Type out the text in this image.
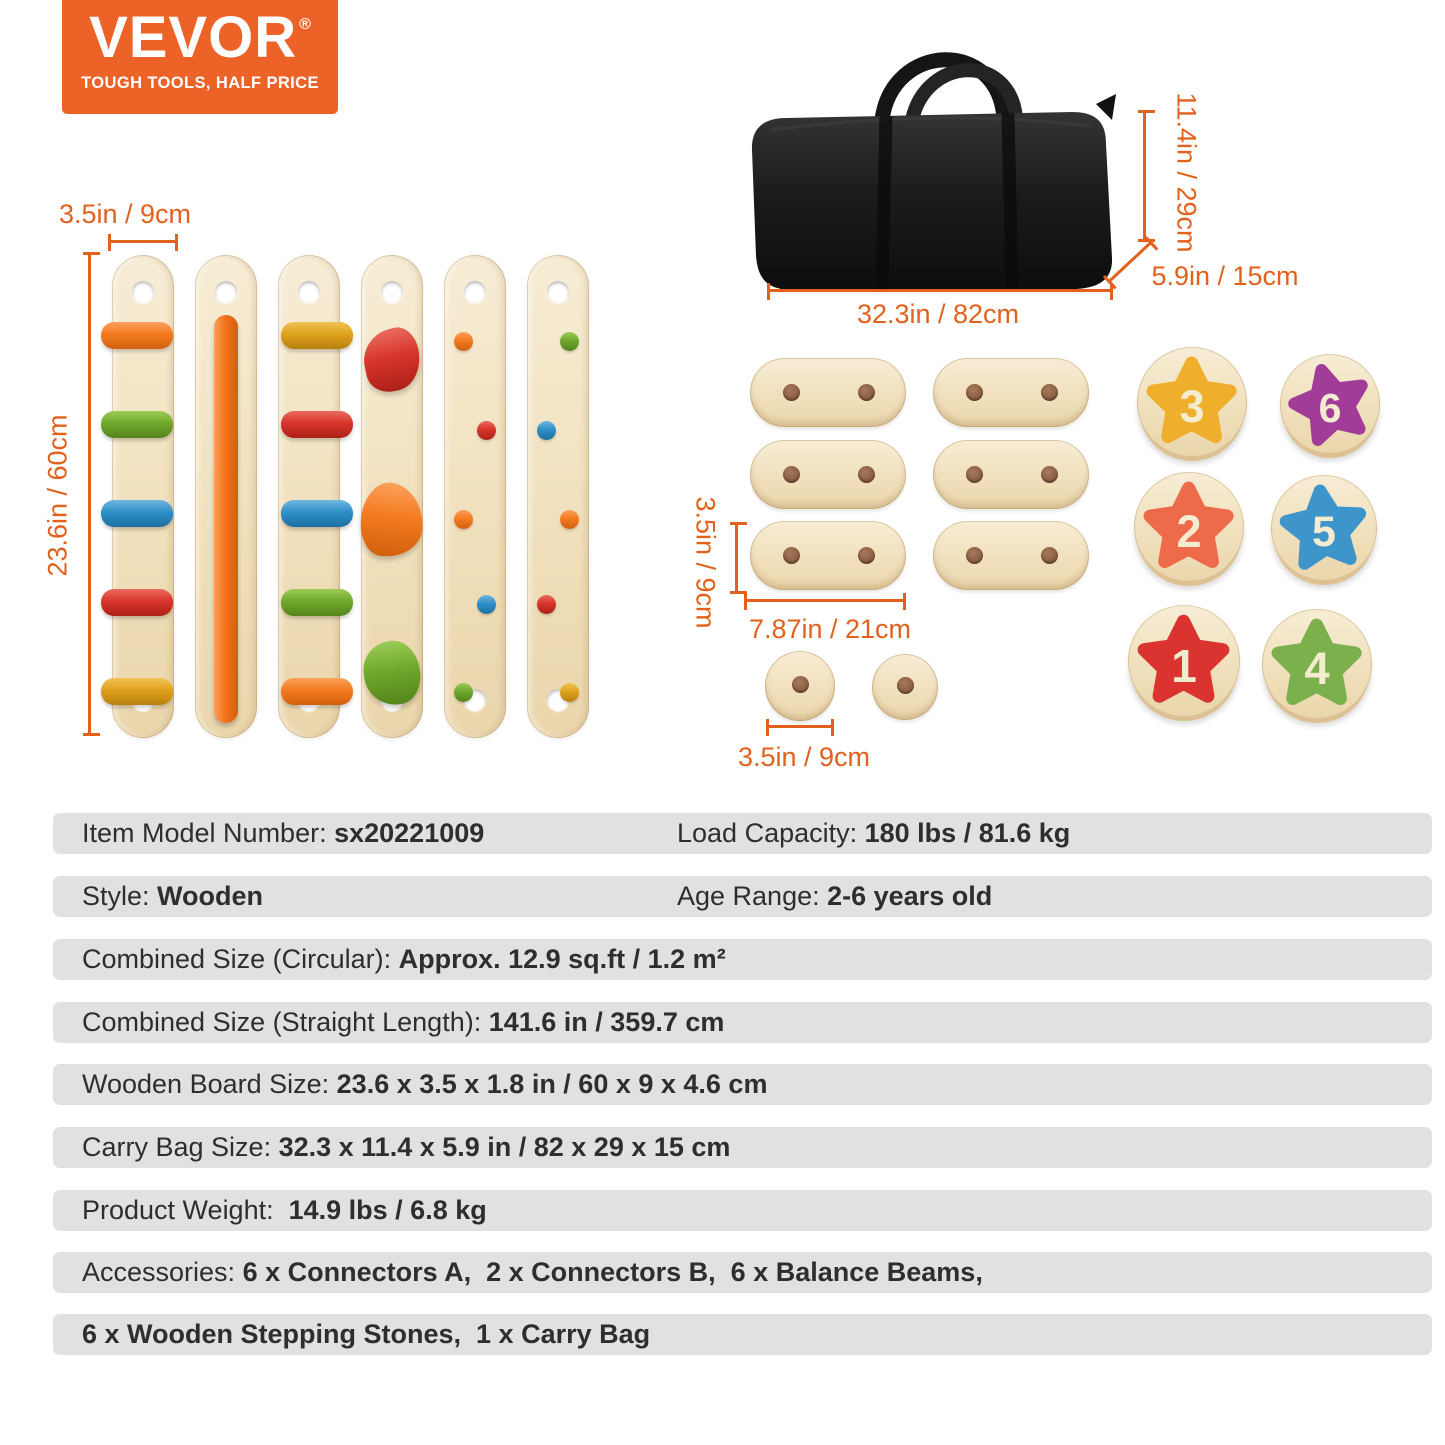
VEVOR ®
TOUGH TOOLS, HALF PRICE
3.5in / 9cm
23.6in / 60cm
11.4in / 29cm
5.9in / 15cm
32.3in / 82cm
3.5in / 9cm
7.87in / 21cm
3.5in / 9cm
Item Model Number: sx20221009	Load Capacity: 180 lbs / 81.6 kg
Style: Wooden	Age Range: 2-6 years old
Combined Size (Circular): Approx. 12.9 sq.ft / 1.2 m²
Combined Size (Straight Length): 141.6 in / 359.7 cm
Wooden Board Size: 23.6 x 3.5 x 1.8 in / 60 x 9 x 4.6 cm
Carry Bag Size: 32.3 x 11.4 x 5.9 in / 82 x 29 x 15 cm
Product Weight: 14.9 lbs / 6.8 kg
Accessories: 6 x Connectors A,  2 x Connectors B,  6 x Balance Beams,
6 x Wooden Stepping Stones,  1 x Carry Bag
3	6
2	5
1	4
